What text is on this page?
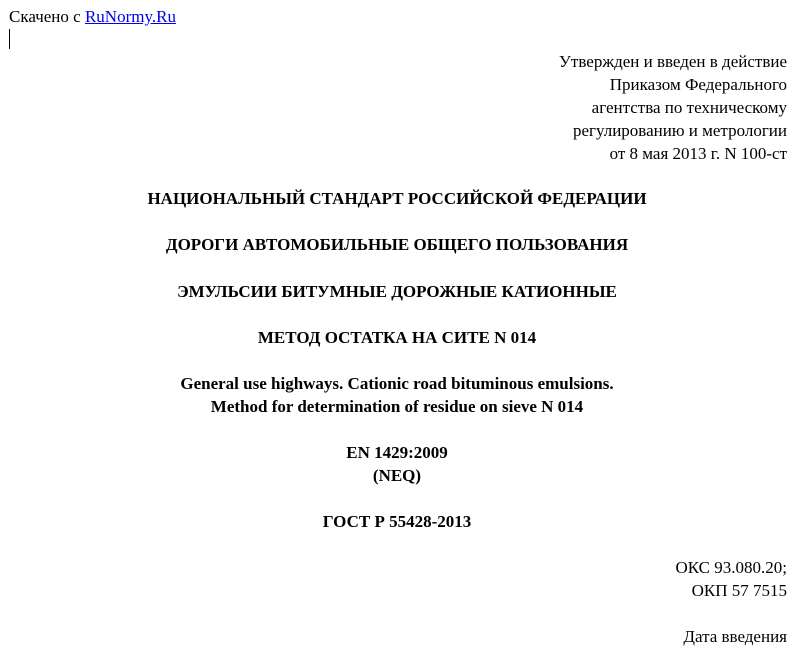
Скачено с RuNormy.Ru
Утвержден и введен в действие
Приказом Федерального
агентства по техническому
регулированию и метрологии
от 8 мая 2013 г. N 100-ст
НАЦИОНАЛЬНЫЙ СТАНДАРТ РОССИЙСКОЙ ФЕДЕРАЦИИ
ДОРОГИ АВТОМОБИЛЬНЫЕ ОБЩЕГО ПОЛЬЗОВАНИЯ
ЭМУЛЬСИИ БИТУМНЫЕ ДОРОЖНЫЕ КАТИОННЫЕ
МЕТОД ОСТАТКА НА СИТЕ N 014
General use highways. Cationic road bituminous emulsions.
Method for determination of residue on sieve N 014
EN 1429:2009
(NEQ)
ГОСТ Р 55428-2013
ОКС 93.080.20;
ОКП 57 7515
Дата введения
